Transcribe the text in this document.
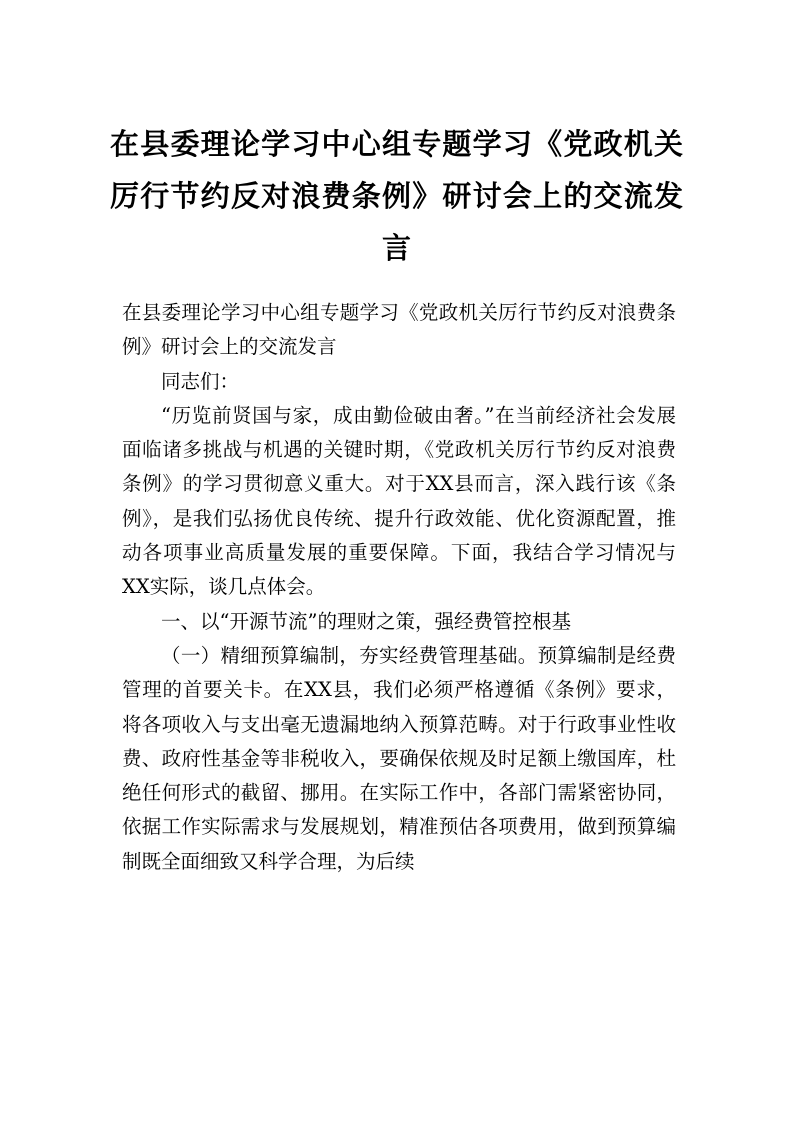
在县委理论学习中心组专题学习《党政机关厉行节约反对浪费条例》研讨会上的交流发言

在县委理论学习中心组专题学习《党政机关厉行节约反对浪费条例》研讨会上的交流发言

同志们：

“历览前贤国与家，成由勤俭破由奢。”在当前经济社会发展面临诸多挑战与机遇的关键时期，《党政机关厉行节约反对浪费条例》的学习贯彻意义重大。对于XX县而言，深入践行该《条例》，是我们弘扬优良传统、提升行政效能、优化资源配置，推动各项事业高质量发展的重要保障。下面，我结合学习情况与XX实际，谈几点体会。

一、以“开源节流”的理财之策，强经费管控根基

（一）精细预算编制，夯实经费管理基础。预算编制是经费管理的首要关卡。在XX县，我们必须严格遵循《条例》要求，将各项收入与支出毫无遗漏地纳入预算范畴。对于行政事业性收费、政府性基金等非税收入，要确保依规及时足额上缴国库，杜绝任何形式的截留、挪用。在实际工作中，各部门需紧密协同，依据工作实际需求与发展规划，精准预估各项费用，做到预算编制既全面细致又科学合理，为后续
